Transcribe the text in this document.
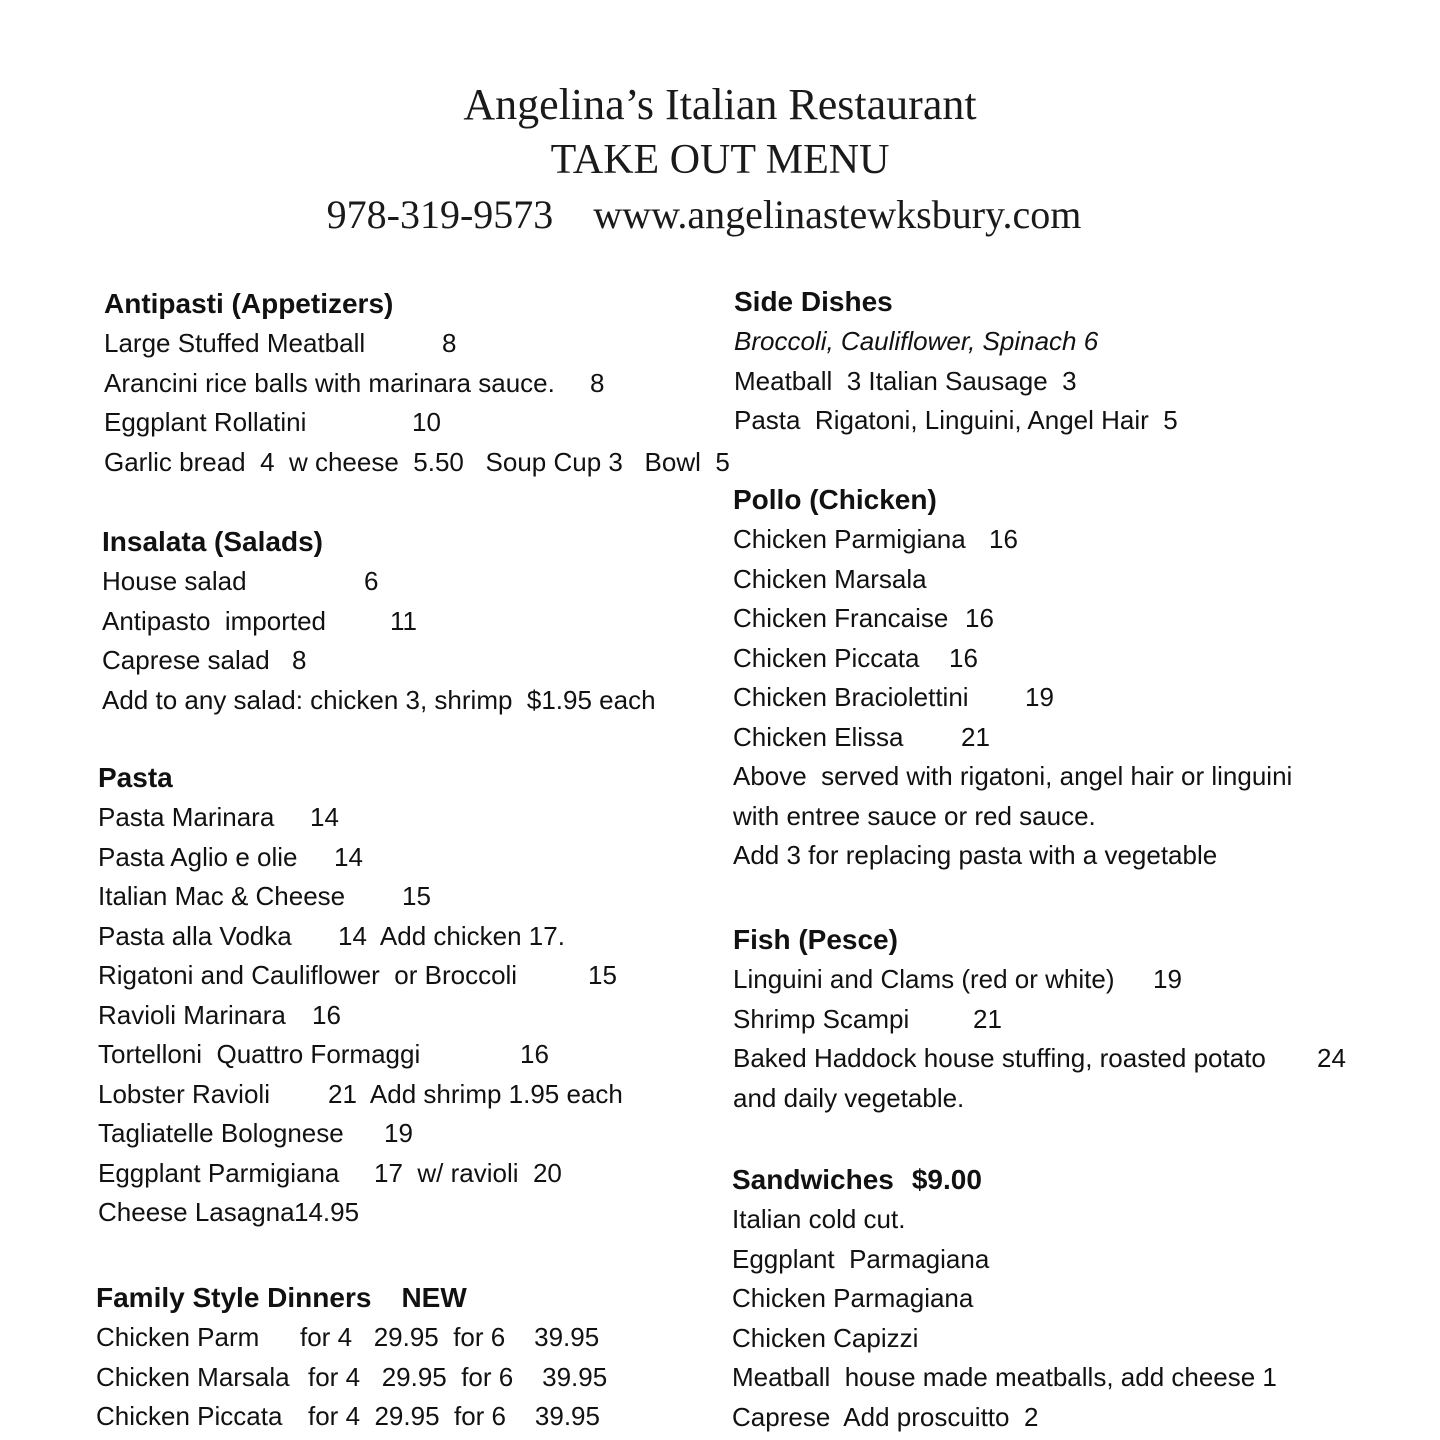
Angelina’s Italian Restaurant
TAKE OUT MENU
978-319-9573 www.angelinastewksbury.com
Antipasti (Appetizers)
Large Stuffed Meatball	8
Arancini rice balls with marinara sauce. 8
Eggplant Rollatini	10
Garlic bread  4  w cheese  5.50   Soup Cup 3   Bowl  5
Insalata (Salads)
House salad	6
Antipasto  imported 11
Caprese salad 8
Add to any salad: chicken 3, shrimp  $1.95 each
Pasta
Pasta Marinara 14
Pasta Aglio e olie 14
Italian Mac & Cheese 15
Pasta alla Vodka 14  Add chicken 17.
Rigatoni and Cauliflower  or Broccoli	15
Ravioli Marinara 16
Tortelloni  Quattro Formaggi	16
Lobster Ravioli 21  Add shrimp 1.95 each
Tagliatelle Bolognese 19
Eggplant Parmigiana 17  w/ ravioli  20
Cheese Lasagna 14.95
Family Style Dinners NEW
Chicken Parm for 4   29.95  for 6    39.95
Chicken Marsala for 4   29.95  for 6    39.95
Chicken Piccata for 4  29.95  for 6    39.95
Side Dishes
Broccoli, Cauliflower, Spinach 6
Meatball  3 Italian Sausage  3
Pasta  Rigatoni, Linguini, Angel Hair  5
Pollo (Chicken)
Chicken Parmigiana 16
Chicken Marsala
Chicken Francaise 16
Chicken Piccata 16
Chicken Braciolettini 19
Chicken Elissa 21
Above  served with rigatoni, angel hair or linguini
with entree sauce or red sauce.
Add 3 for replacing pasta with a vegetable
Fish (Pesce)
Linguini and Clams (red or white) 19
Shrimp Scampi 21
Baked Haddock house stuffing, roasted potato 24
and daily vegetable.
Sandwiches $9.00
Italian cold cut.
Eggplant  Parmagiana
Chicken Parmagiana
Chicken Capizzi
Meatball  house made meatballs, add cheese 1
Caprese  Add proscuitto  2
